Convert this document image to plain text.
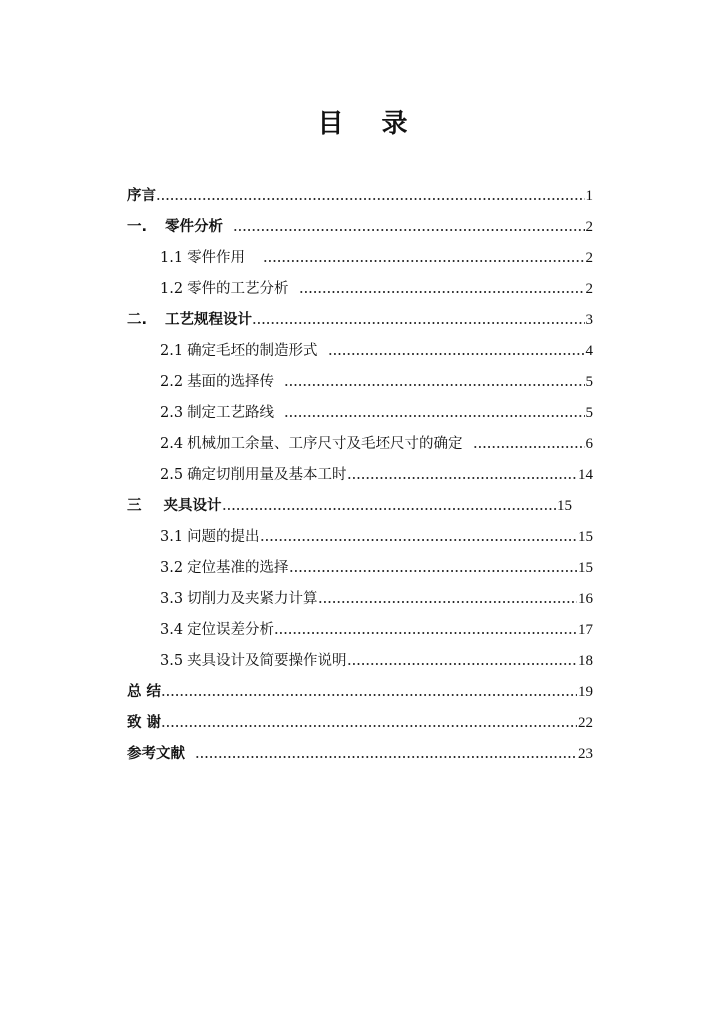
目 录
序言	1
一. 零件分析	2
1.1 零件作用	2
1.2 零件的工艺分析	2
二. 工艺规程设计	3
2.1 确定毛坯的制造形式	4
2.2 基面的选择传	5
2.3 制定工艺路线	5
2.4 机械加工余量、工序尺寸及毛坯尺寸的确定	6
2.5 确定切削用量及基本工时	14
三 夹具设计	15
3.1 问题的提出	15
3.2 定位基准的选择	15
3.3 切削力及夹紧力计算	16
3.4 定位误差分析	17
3.5 夹具设计及简要操作说明	18
总 结	19
致 谢	22
参考文献	23
